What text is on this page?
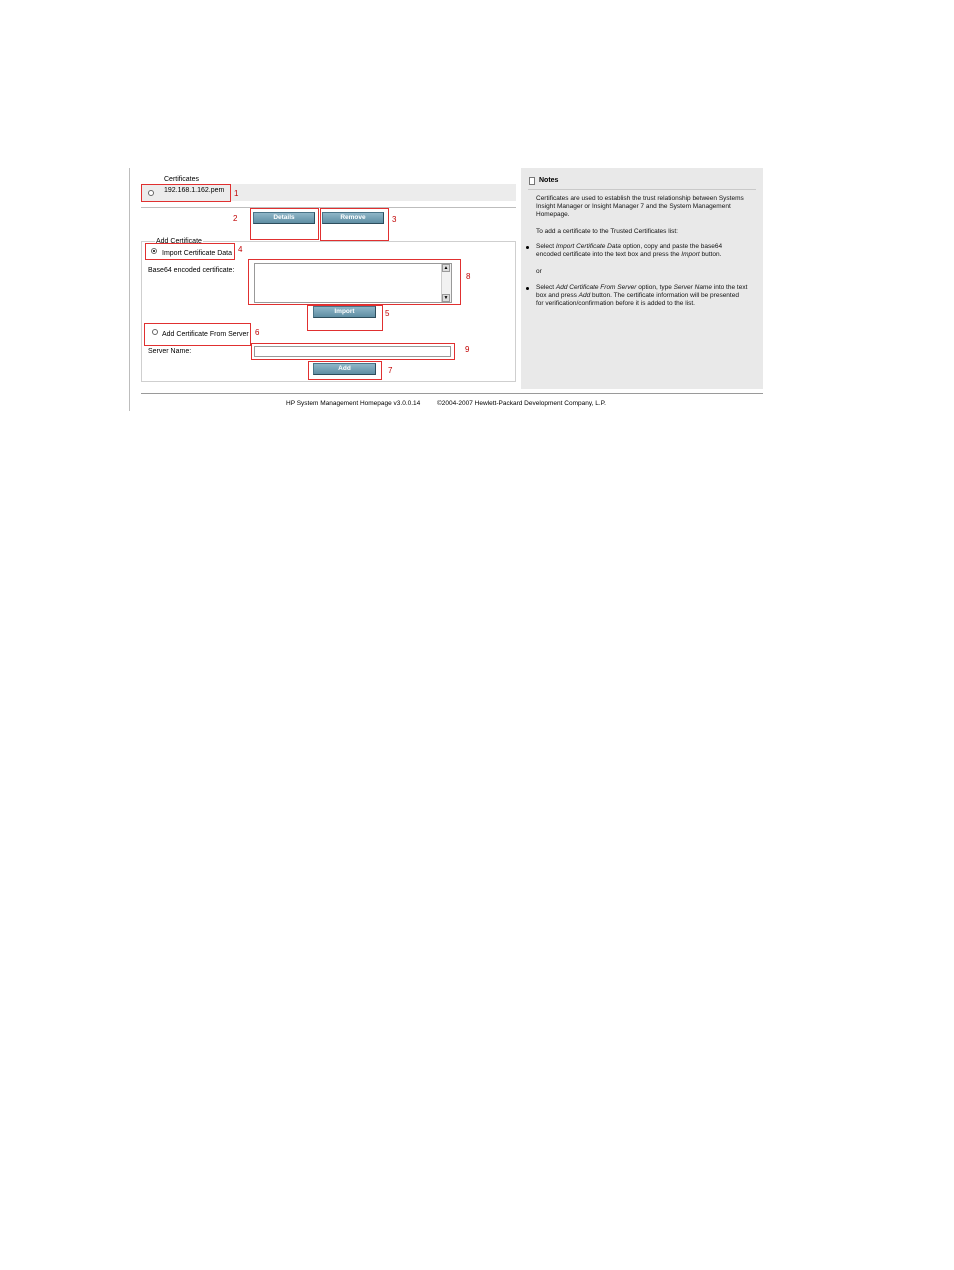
Certificates
192.168.1.162.pem 1
Details
2	Remove	3
Add Certificate
Import Certificate Data 4
Base64 encoded certificate:	▲
▼
8
Import	5
Add Certificate From Server 6
Server Name:	9
Add	7
Notes
Certificates are used to establish the trust relationship between Systems Insight Manager or Insight Manager 7 and the System Management Homepage.
To add a certificate to the Trusted Certificates list:
Select Import Certificate Data option, copy and paste the base64 encoded certificate into the text box and press the Import button.
or
Select Add Certificate From Server option, type Server Name into the text box and press Add button. The certificate information will be presented for verification/confirmation before it is added to the list.
HP System Management Homepage v3.0.0.14	©2004-2007 Hewlett-Packard Development Company, L.P.
